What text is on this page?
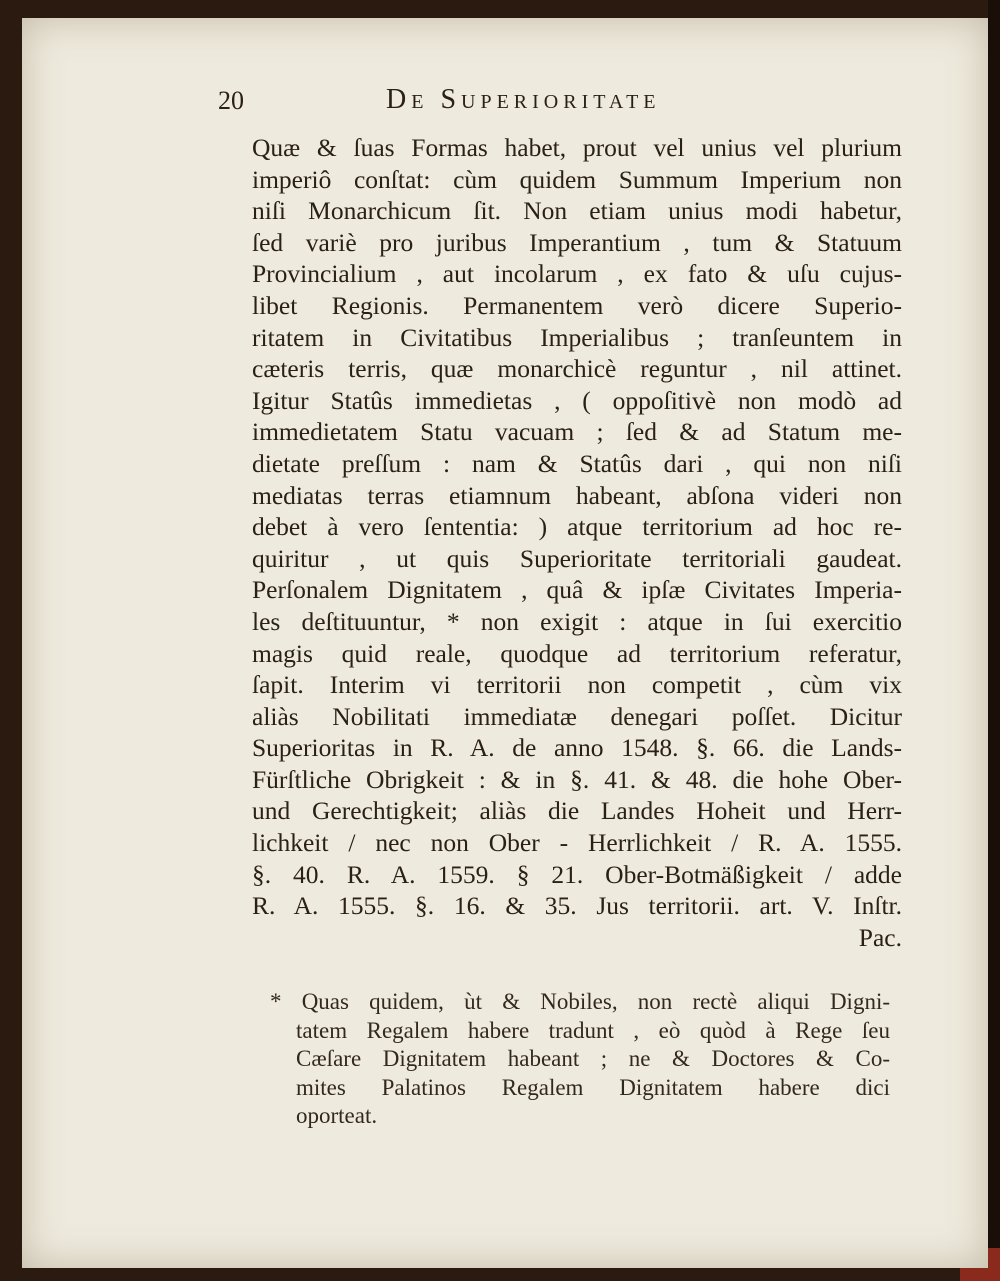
20	De Superioritate
Quæ & ſuas Formas habet, prout vel unius vel plurium
imperiô conſtat: cùm quidem Summum Imperium non
niſi Monarchicum ſit. Non etiam unius modi habetur,
ſed variè pro juribus Imperantium , tum & Statuum
Provincialium , aut incolarum , ex fato & uſu cujus-
libet Regionis. Permanentem verò dicere Superio-
ritatem in Civitatibus Imperialibus ; tranſeuntem in
cæteris terris, quæ monarchicè reguntur , nil attinet.
Igitur Statûs immedietas , ( oppoſitivè non modò ad
immedietatem Statu vacuam ; ſed & ad Statum me-
dietate preſſum : nam & Statûs dari , qui non niſi
mediatas terras etiamnum habeant, abſona videri non
debet à vero ſententia: ) atque territorium ad hoc re-
quiritur , ut quis Superioritate territoriali gaudeat.
Perſonalem Dignitatem , quâ & ipſæ Civitates Imperia-
les deſtituuntur, * non exigit : atque in ſui exercitio
magis quid reale, quodque ad territorium referatur,
ſapit. Interim vi territorii non competit , cùm vix
aliàs Nobilitati immediatæ denegari poſſet. Dicitur
Superioritas in R. A. de anno 1548. §. 66. die Lands-
Fürſtliche Obrigkeit : & in §. 41. & 48. die hohe Ober-
und Gerechtigkeit; aliàs die Landes Hoheit und Herr-
lichkeit / nec non Ober - Herrlichkeit / R. A. 1555.
§. 40. R. A. 1559. § 21. Ober-Botmäßigkeit / adde
R. A. 1555. §. 16. & 35. Jus territorii. art. V. Inſtr.
Pac.
* Quas quidem, ùt & Nobiles, non rectè aliqui Digni-
tatem Regalem habere tradunt , eò quòd à Rege ſeu
Cæſare Dignitatem habeant ; ne & Doctores & Co-
mites Palatinos Regalem Dignitatem habere dici
oporteat.
